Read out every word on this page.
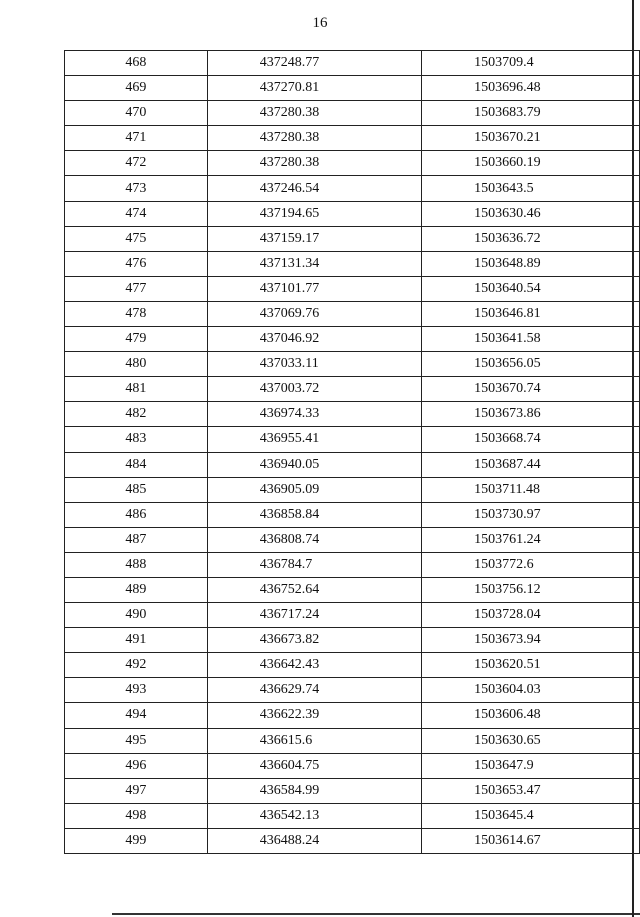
16
468	437248.77	1503709.4
469	437270.81	1503696.48
470	437280.38	1503683.79
471	437280.38	1503670.21
472	437280.38	1503660.19
473	437246.54	1503643.5
474	437194.65	1503630.46
475	437159.17	1503636.72
476	437131.34	1503648.89
477	437101.77	1503640.54
478	437069.76	1503646.81
479	437046.92	1503641.58
480	437033.11	1503656.05
481	437003.72	1503670.74
482	436974.33	1503673.86
483	436955.41	1503668.74
484	436940.05	1503687.44
485	436905.09	1503711.48
486	436858.84	1503730.97
487	436808.74	1503761.24
488	436784.7	1503772.6
489	436752.64	1503756.12
490	436717.24	1503728.04
491	436673.82	1503673.94
492	436642.43	1503620.51
493	436629.74	1503604.03
494	436622.39	1503606.48
495	436615.6	1503630.65
496	436604.75	1503647.9
497	436584.99	1503653.47
498	436542.13	1503645.4
499	436488.24	1503614.67
